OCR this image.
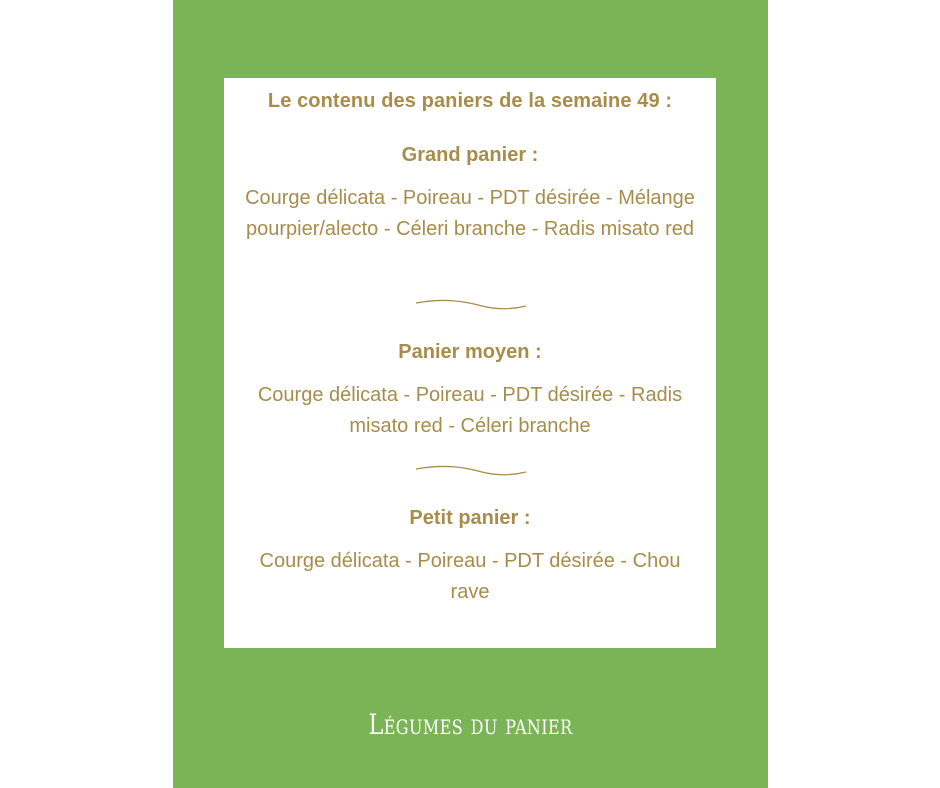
Le contenu des paniers de la semaine 49 :
Grand panier :
Courge délicata - Poireau - PDT désirée - Mélange pourpier/alecto - Céleri branche - Radis misato red
Panier moyen :
Courge délicata - Poireau - PDT désirée - Radis misato red - Céleri branche
Petit panier :
Courge délicata - Poireau - PDT désirée - Chou rave
Légumes du panier
